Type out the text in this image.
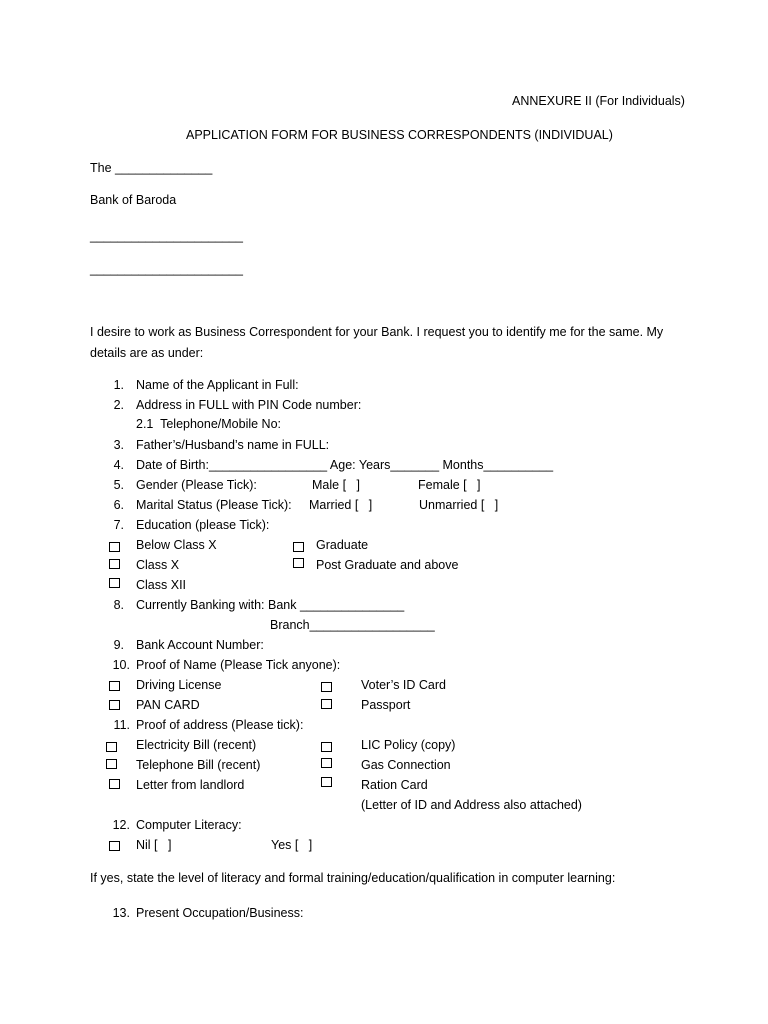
ANNEXURE II (For Individuals)
APPLICATION FORM FOR BUSINESS CORRESPONDENTS (INDIVIDUAL)
The ______________
Bank of Baroda
______________________
______________________
I desire to work as Business Correspondent for your Bank. I request you to identify me for the same. My
details are as under:
1. Name of the Applicant in Full:
2. Address in FULL with PIN Code number:
2.1  Telephone/Mobile No:
3. Father’s/Husband’s name in FULL:
4. Date of Birth:_________________ Age: Years_______ Months__________
5. Gender (Please Tick):	Male [   ]	Female [   ]
6. Marital Status (Please Tick): Married [   ]	Unmarried [   ]
7. Education (please Tick):
Below Class X	Graduate
Class X	Post Graduate and above
Class XII
8. Currently Banking with: Bank _______________
Branch__________________
9. Bank Account Number:
10. Proof of Name (Please Tick anyone):
Driving License	Voter’s ID Card
PAN CARD	Passport
11. Proof of address (Please tick):
Electricity Bill (recent)	LIC Policy (copy)
Telephone Bill (recent)	Gas Connection
Letter from landlord	Ration Card
(Letter of ID and Address also attached)
12. Computer Literacy:
Nil [   ]	Yes [   ]
If yes, state the level of literacy and formal training/education/qualification in computer learning:
13. Present Occupation/Business:
